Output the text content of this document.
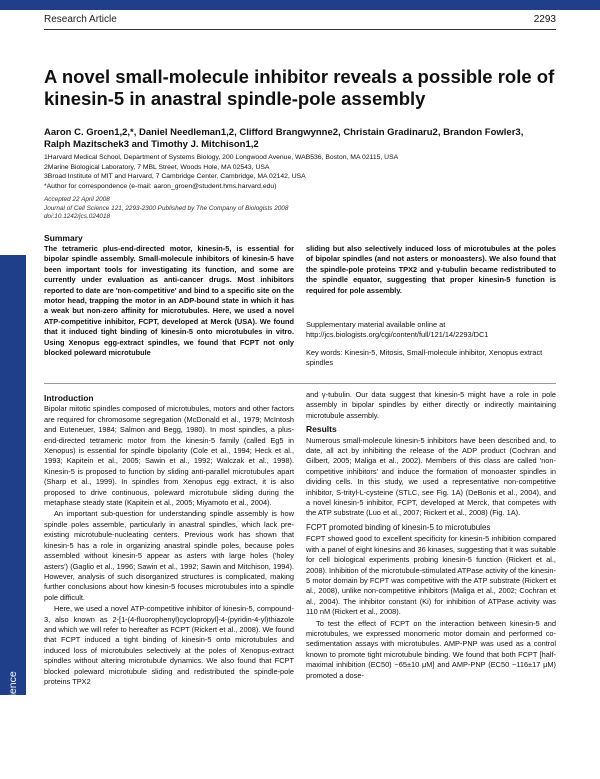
Research Article	2293
Journal of Cell Science
A novel small-molecule inhibitor reveals a possible role of kinesin-5 in anastral spindle-pole assembly
Aaron C. Groen1,2,*, Daniel Needleman1,2, Clifford Brangwynne2, Christain Gradinaru2, Brandon Fowler3,
Ralph Mazitschek3 and Timothy J. Mitchison1,2
1Harvard Medical School, Department of Systems Biology, 200 Longwood Avenue, WAB536, Boston, MA 02115, USA
2Marine Biological Laboratory, 7 MBL Street, Woods Hole, MA 02543, USA
3Broad Institute of MIT and Harvard, 7 Cambridge Center, Cambridge, MA 02142, USA
*Author for correspondence (e-mail: aaron_groen@student.hms.harvard.edu)
Accepted 22 April 2008
Journal of Cell Science 121, 2293-2300 Published by The Company of Biologists 2008
doi:10.1242/jcs.024018
Summary
The tetrameric plus-end-directed motor, kinesin-5, is essential for bipolar spindle assembly. Small-molecule inhibitors of kinesin-5 have been important tools for investigating its function, and some are currently under evaluation as anti-cancer drugs. Most inhibitors reported to date are 'non-competitive' and bind to a specific site on the motor head, trapping the motor in an ADP-bound state in which it has a weak but non-zero affinity for microtubules. Here, we used a novel ATP-competitive inhibitor, FCPT, developed at Merck (USA). We found that it induced tight binding of kinesin-5 onto microtubules in vitro. Using Xenopus egg-extract spindles, we found that FCPT not only blocked poleward microtubule
sliding but also selectively induced loss of microtubules at the poles of bipolar spindles (and not asters or monoasters). We also found that the spindle-pole proteins TPX2 and γ-tubulin became redistributed to the spindle equator, suggesting that proper kinesin-5 function is required for pole assembly.
Supplementary material available online at http://jcs.biologists.org/cgi/content/full/121/14/2293/DC1
Key words: Kinesin-5, Mitosis, Small-molecule inhibitor, Xenopus extract spindles
Introduction

Bipolar mitotic spindles composed of microtubules, motors and other factors are required for chromosome segregation (McDonald et al., 1979; McIntosh and Euteneuer, 1984; Salmon and Begg, 1980). In most spindles, a plus-end-directed tetrameric motor from the kinesin-5 family (called Eg5 in Xenopus) is essential for spindle bipolarity (Cole et al., 1994; Heck et al., 1993; Kapitein et al., 2005; Sawin et al., 1992; Walczak et al., 1998). Kinesin-5 is proposed to function by sliding anti-parallel microtubules apart (Sharp et al., 1999). In spindles from Xenopus egg extract, it is also proposed to drive continuous, poleward microtubule sliding during the metaphase steady state (Kapitein et al., 2005; Miyamoto et al., 2004).

An important sub-question for understanding spindle assembly is how spindle poles assemble, particularly in anastral spindles, which lack pre-existing microtubule-nucleating centers. Previous work has shown that kinesin-5 has a role in organizing anastral spindle poles, because poles assembled without kinesin-5 appear as asters with large holes ('holey asters') (Gaglio et al., 1996; Sawin et al., 1992; Sawin and Mitchison, 1994). However, analysis of such disorganized structures is complicated, making further conclusions about how kinesin-5 focuses microtubules into a spindle pole difficult.

Here, we used a novel ATP-competitive inhibitor of kinesin-5, compound-3, also known as 2-[1-(4-fluorophenyl)cyclopropyl]-4-(pyridin-4-yl)thiazole and which we will refer to hereafter as FCPT (Rickert et al., 2008). We found that FCPT induced a tight binding of kinesin-5 onto microtubules and induced loss of microtubules selectively at the poles of Xenopus-extract spindles without altering microtubule dynamics. We also found that FCPT blocked poleward microtubule sliding and redistributed the spindle-pole proteins TPX2

and γ-tubulin. Our data suggest that kinesin-5 might have a role in pole assembly in bipolar spindles by either directly or indirectly maintaining microtubule assembly.

Results

Numerous small-molecule kinesin-5 inhibitors have been described and, to date, all act by inhibiting the release of the ADP product (Cochran and Gilbert, 2005; Maliga et al., 2002). Members of this class are called 'non-competitive inhibitors' and induce the formation of monoaster spindles in dividing cells. In this study, we used a representative non-competitive inhibitor, S-trityl-L-cysteine (STLC, see Fig. 1A) (DeBonis et al., 2004), and a novel kinesin-5 inhibitor, FCPT, developed at Merck, that competes with the ATP substrate (Luo et al., 2007; Rickert et al., 2008) (Fig. 1A).

FCPT promoted binding of kinesin-5 to microtubules

FCPT showed good to excellent specificity for kinesin-5 inhibition compared with a panel of eight kinesins and 36 kinases, suggesting that it was suitable for cell biological experiments probing kinesin-5 function (Rickert et al., 2008). Inhibition of the microtubule-stimulated ATPase activity of the kinesin-5 motor domain by FCPT was competitive with the ATP substrate (Rickert et al., 2008), unlike non-competitive inhibitors (Maliga et al., 2002; Cochran et al., 2004). The inhibitor constant (Ki) for inhibition of ATPase activity was 110 nM (Rickert et al., 2008).

To test the effect of FCPT on the interaction between kinesin-5 and microtubules, we expressed monomeric motor domain and performed co-sedimentation assays with microtubules. AMP-PNP was used as a control known to promote tight microtubule binding. We found that both FCPT [half-maximal inhibition (EC50) ~65±10 μM] and AMP-PNP (EC50 ~116±17 μM) promoted a dose-
